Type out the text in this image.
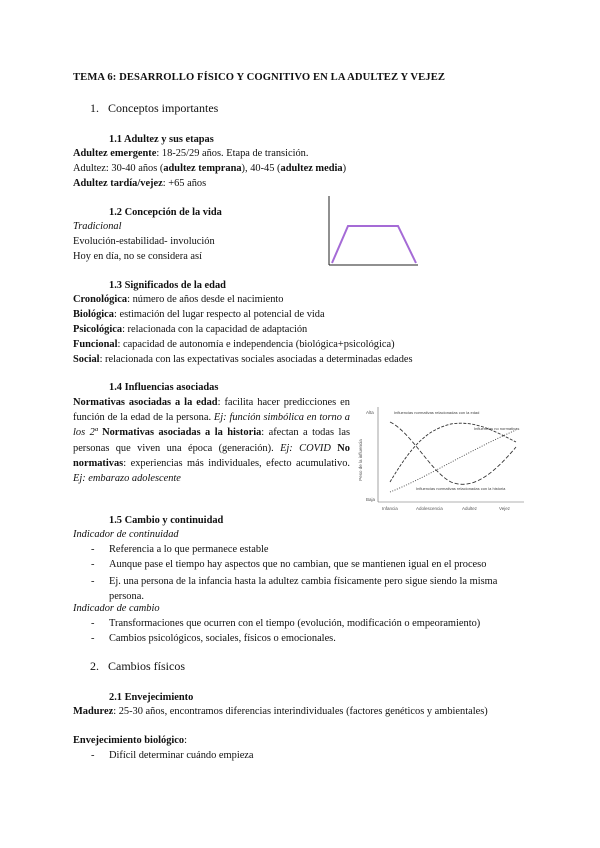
TEMA 6: DESARROLLO FÍSICO Y COGNITIVO EN LA ADULTEZ Y VEJEZ
1. Conceptos importantes
1.1 Adultez y sus etapas
Adultez emergente: 18-25/29 años. Etapa de transición.
Adultez: 30-40 años (adultez temprana), 40-45 (adultez media)
Adultez tardía/vejez: +65 años
1.2 Concepción de la vida
Tradicional
Evolución-estabilidad- involución
Hoy en día, no se considera así
1.3 Significados de la edad
Cronológica: número de años desde el nacimiento
Biológica: estimación del lugar respecto al potencial de vida
Psicológica: relacionada con la capacidad de adaptación
Funcional: capacidad de autonomía e independencia (biológica+psicológica)
Social: relacionada con las expectativas sociales asociadas a determinadas edades
1.4 Influencias asociadas
Normativas asociadas a la edad: facilita hacer predicciones en función de la edad de la persona. Ej: función simbólica en torno a los 2ª Normativas asociadas a la historia: afectan a todas las personas que viven una época (generación). Ej: COVID No normativas: experiencias más individuales, efecto acumulativo. Ej: embarazo adolescente	Peso de la influencia
Alta
Baja
Influencias normativas relacionadas con la edad
Influencias no normativas
Influencias normativas relacionadas con la historia
Infancia	Adolescencia	Adultez	Vejez
1.5 Cambio y continuidad
Indicador de continuidad
-	Referencia a lo que permanece estable
-	Aunque pase el tiempo hay aspectos que no cambian, que se mantienen igual en el proceso
-	Ej. una persona de la infancia hasta la adultez cambia físicamente pero sigue siendo la misma persona.
Indicador de cambio
-	Transformaciones que ocurren con el tiempo (evolución, modificación o empeoramiento)
-	Cambios psicológicos, sociales, físicos o emocionales.
2. Cambios físicos
2.1 Envejecimiento
Madurez: 25-30 años, encontramos diferencias interindividuales (factores genéticos y ambientales)
Envejecimiento biológico:
-	Difícil determinar cuándo empieza
